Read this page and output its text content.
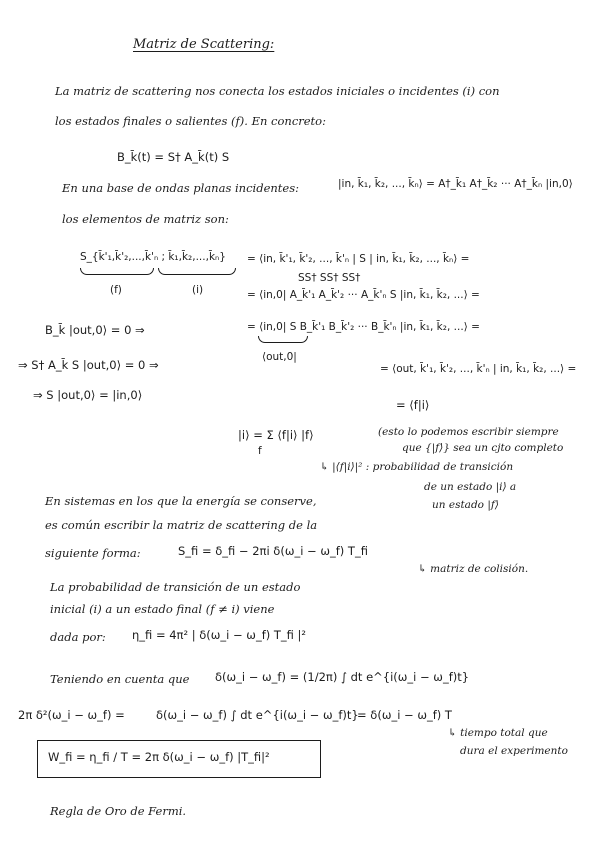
Matriz de Scattering:
La matriz de scattering nos conecta los estados iniciales o incidentes (i) con
los estados finales o salientes (f). En concreto:
B_k̄(t) = S† A_k̄(t) S
En una base de ondas planas incidentes:	|in, k̄₁, k̄₂, ..., k̄ₙ⟩ = A†_k̄₁ A†_k̄₂ ··· A†_k̄ₙ |in,0⟩
los elementos de matriz son:
S_{k̄'₁,k̄'₂,...,k̄'ₙ ; k̄₁,k̄₂,...,k̄ₙ}
(f)	(i)
= ⟨in, k̄'₁, k̄'₂, ..., k̄'ₙ | S | in, k̄₁, k̄₂, ..., k̄ₙ⟩ =
SS† SS† SS†
= ⟨in,0| A_k̄'₁ A_k̄'₂ ··· A_k̄'ₙ S |in, k̄₁, k̄₂, ...⟩ =
B_k̄ |out,0⟩ = 0 ⇒	= ⟨in,0| S B_k̄'₁ B_k̄'₂ ··· B_k̄'ₙ |in, k̄₁, k̄₂, ...⟩ =
⟨out,0|
⇒ S† A_k̄ S |out,0⟩ = 0 ⇒	= ⟨out, k̄'₁, k̄'₂, ..., k̄'ₙ | in, k̄₁, k̄₂, ...⟩ =
⇒ S |out,0⟩ = |in,0⟩
= ⟨f|i⟩
|i⟩ = Σ ⟨f|i⟩ |f⟩
f
(esto lo podemos escribir siempre
que {|f⟩} sea un cjto completo
↳ |⟨f|i⟩|² : probabilidad de transición
de un estado |i⟩ a
un estado |f⟩
En sistemas en los que la energía se conserve,
es común escribir la matriz de scattering de la
siguiente forma:	S_fi = δ_fi − 2πi δ(ω_i − ω_f) T_fi
↳ matriz de colisión.
La probabilidad de transición de un estado
inicial (i) a un estado final (f ≠ i) viene
dada por: η_fi = 4π² | δ(ω_i − ω_f) T_fi |²
Teniendo en cuenta que δ(ω_i − ω_f) = (1/2π) ∫ dt e^{i(ω_i − ω_f)t}
2π δ²(ω_i − ω_f) =	δ(ω_i − ω_f) ∫ dt e^{i(ω_i − ω_f)t}
= δ(ω_i − ω_f) T
↳ tiempo total que
dura el experimento
W_fi = η_fi / T = 2π δ(ω_i − ω_f) |T_fi|²
Regla de Oro de Fermi.
